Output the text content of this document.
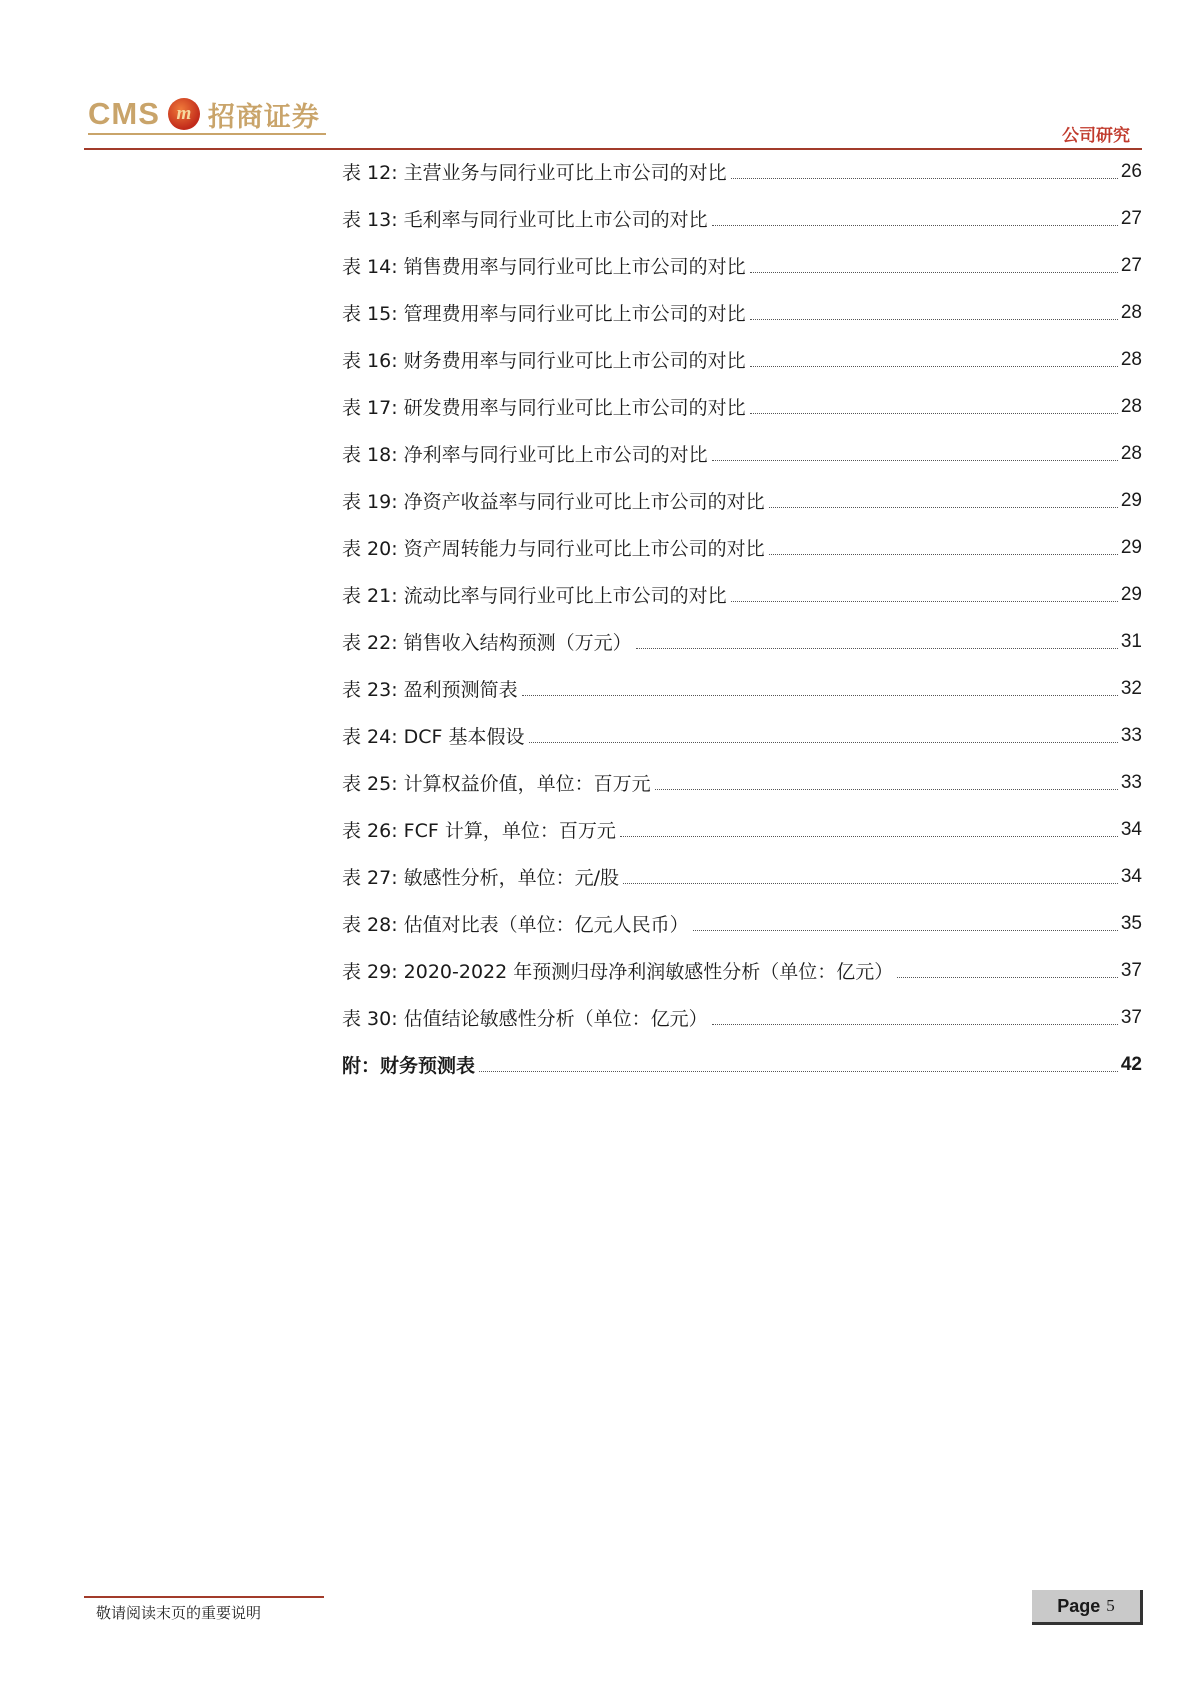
CMS m 招商证券
公司研究
表 12: 主营业务与同行业可比上市公司的对比	26
表 13: 毛利率与同行业可比上市公司的对比	27
表 14: 销售费用率与同行业可比上市公司的对比	27
表 15: 管理费用率与同行业可比上市公司的对比	28
表 16: 财务费用率与同行业可比上市公司的对比	28
表 17: 研发费用率与同行业可比上市公司的对比	28
表 18: 净利率与同行业可比上市公司的对比	28
表 19: 净资产收益率与同行业可比上市公司的对比	29
表 20: 资产周转能力与同行业可比上市公司的对比	29
表 21: 流动比率与同行业可比上市公司的对比	29
表 22: 销售收入结构预测（万元）	31
表 23: 盈利预测简表	32
表 24: DCF 基本假设	33
表 25: 计算权益价值，单位：百万元	33
表 26: FCF 计算，单位：百万元	34
表 27: 敏感性分析，单位：元/股	34
表 28: 估值对比表（单位：亿元人民币）	35
表 29: 2020-2022 年预测归母净利润敏感性分析（单位：亿元）	37
表 30: 估值结论敏感性分析（单位：亿元）	37
附：财务预测表	42
敬请阅读末页的重要说明	Page 5
